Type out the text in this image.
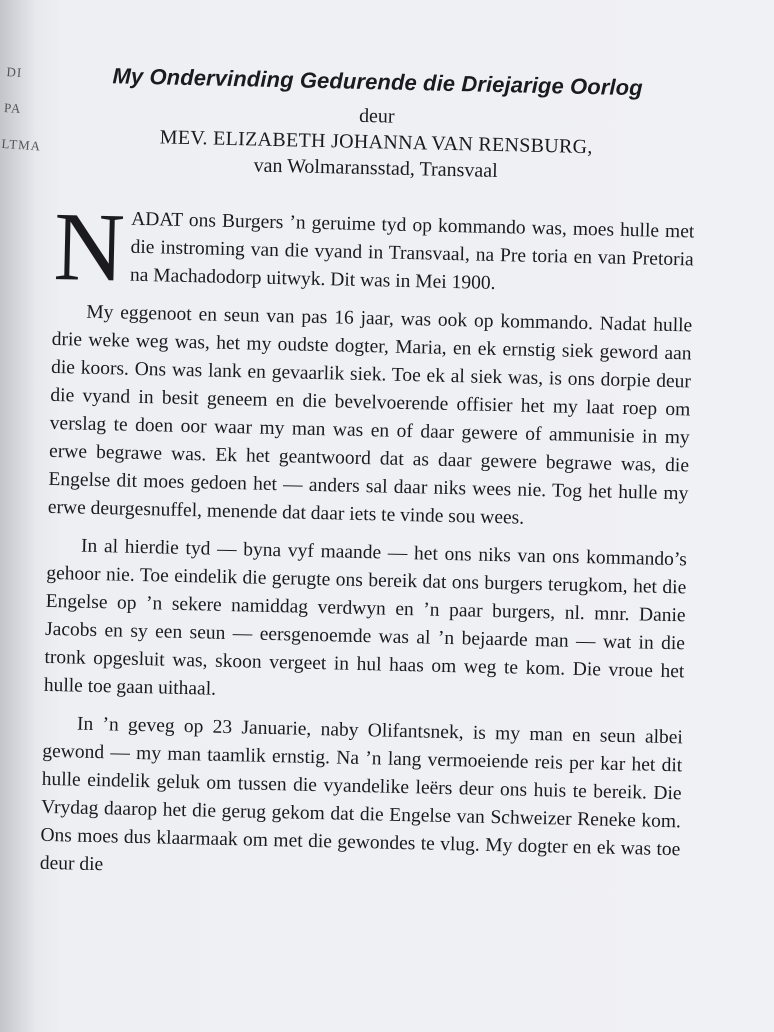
DI PA LTMA
My Ondervinding Gedurende die Driejarige Oorlog

deur

MEV. ELIZABETH JOHANNA VAN RENSBURG,

van Wolmaransstad, Transvaal

NADAT ons Burgers ’n geruime tyd op kommando was, moes hulle met die instroming van die vyand in Transvaal, na Pre toria en van Pretoria na Machadodorp uitwyk. Dit was in Mei 1900.

My eggenoot en seun van pas 16 jaar, was ook op kommando. Nadat hulle drie weke weg was, het my oudste dogter, Maria, en ek ernstig siek geword aan die koors. Ons was lank en gevaarlik siek. Toe ek al siek was, is ons dorpie deur die vyand in besit geneem en die bevelvoerende offisier het my laat roep om verslag te doen oor waar my man was en of daar gewere of ammunisie in my erwe begrawe was. Ek het geantwoord dat as daar gewere begrawe was, die Engelse dit moes gedoen het — anders sal daar niks wees nie. Tog het hulle my erwe deurgesnuffel, menende dat daar iets te vinde sou wees.

In al hierdie tyd — byna vyf maande — het ons niks van ons kommando’s gehoor nie. Toe eindelik die gerugte ons bereik dat ons burgers terugkom, het die Engelse op ’n sekere namiddag verdwyn en ’n paar burgers, nl. mnr. Danie Jacobs en sy een seun — eersgenoemde was al ’n bejaarde man — wat in die tronk opgesluit was, skoon vergeet in hul haas om weg te kom. Die vroue het hulle toe gaan uithaal.

In ’n geveg op 23 Januarie, naby Olifantsnek, is my man en seun albei gewond — my man taamlik ernstig. Na ’n lang vermoeiende reis per kar het dit hulle eindelik geluk om tussen die vyandelike leërs deur ons huis te bereik. Die Vrydag daarop het die gerug gekom dat die Engelse van Schweizer Reneke kom. Ons moes dus klaarmaak om met die gewondes te vlug. My dogter en ek was toe deur die
